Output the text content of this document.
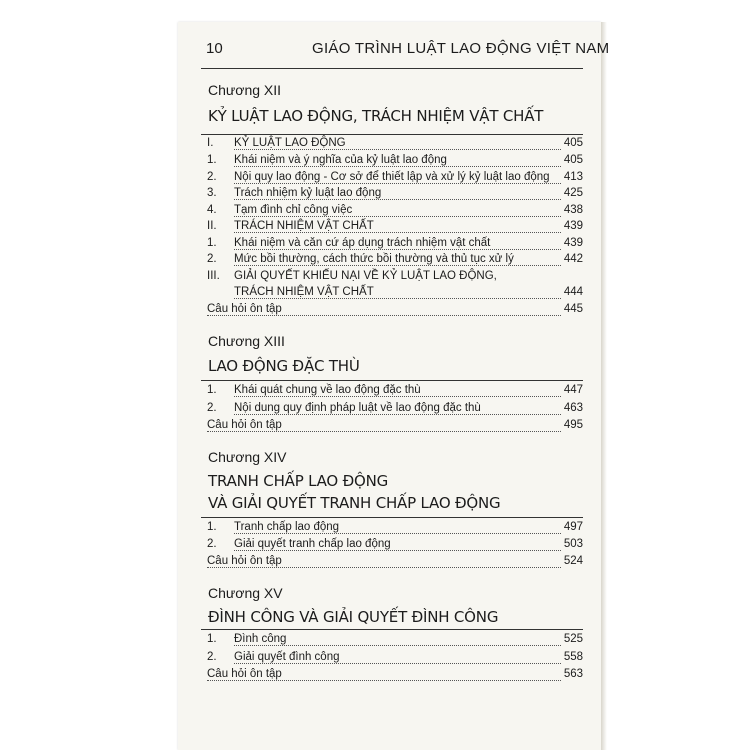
10	GIÁO TRÌNH LUẬT LAO ĐỘNG VIỆT NAM
Chương XII
KỶ LUẬT LAO ĐỘNG, TRÁCH NHIỆM VẬT CHẤT
I. KỶ LUẬT LAO ĐỘNG	405
1. Khái niệm và ý nghĩa của kỷ luật lao động	405
2. Nội quy lao động - Cơ sở để thiết lập và xử lý kỷ luật lao động 413
3. Trách nhiệm kỷ luật lao động	425
4. Tạm đình chỉ công việc	438
II. TRÁCH NHIỆM VẬT CHẤT	439
1. Khái niệm và căn cứ áp dụng trách nhiệm vật chất	439
2. Mức bồi thường, cách thức bồi thường và thủ tục xử lý	442
III. GIẢI QUYẾT KHIẾU NẠI VỀ KỶ LUẬT LAO ĐỘNG,
TRÁCH NHIỆM VẬT CHẤT	444
Câu hỏi ôn tập	445
Chương XIII
LAO ĐỘNG ĐẶC THÙ
1. Khái quát chung về lao động đặc thù	447
2. Nội dung quy định pháp luật về lao động đặc thù	463
Câu hỏi ôn tập	495
Chương XIV
TRANH CHẤP LAO ĐỘNG
VÀ GIẢI QUYẾT TRANH CHẤP LAO ĐỘNG
1. Tranh chấp lao động	497
2. Giải quyết tranh chấp lao động	503
Câu hỏi ôn tập	524
Chương XV
ĐÌNH CÔNG VÀ GIẢI QUYẾT ĐÌNH CÔNG
1. Đình công	525
2. Giải quyết đình công	558
Câu hỏi ôn tập	563
